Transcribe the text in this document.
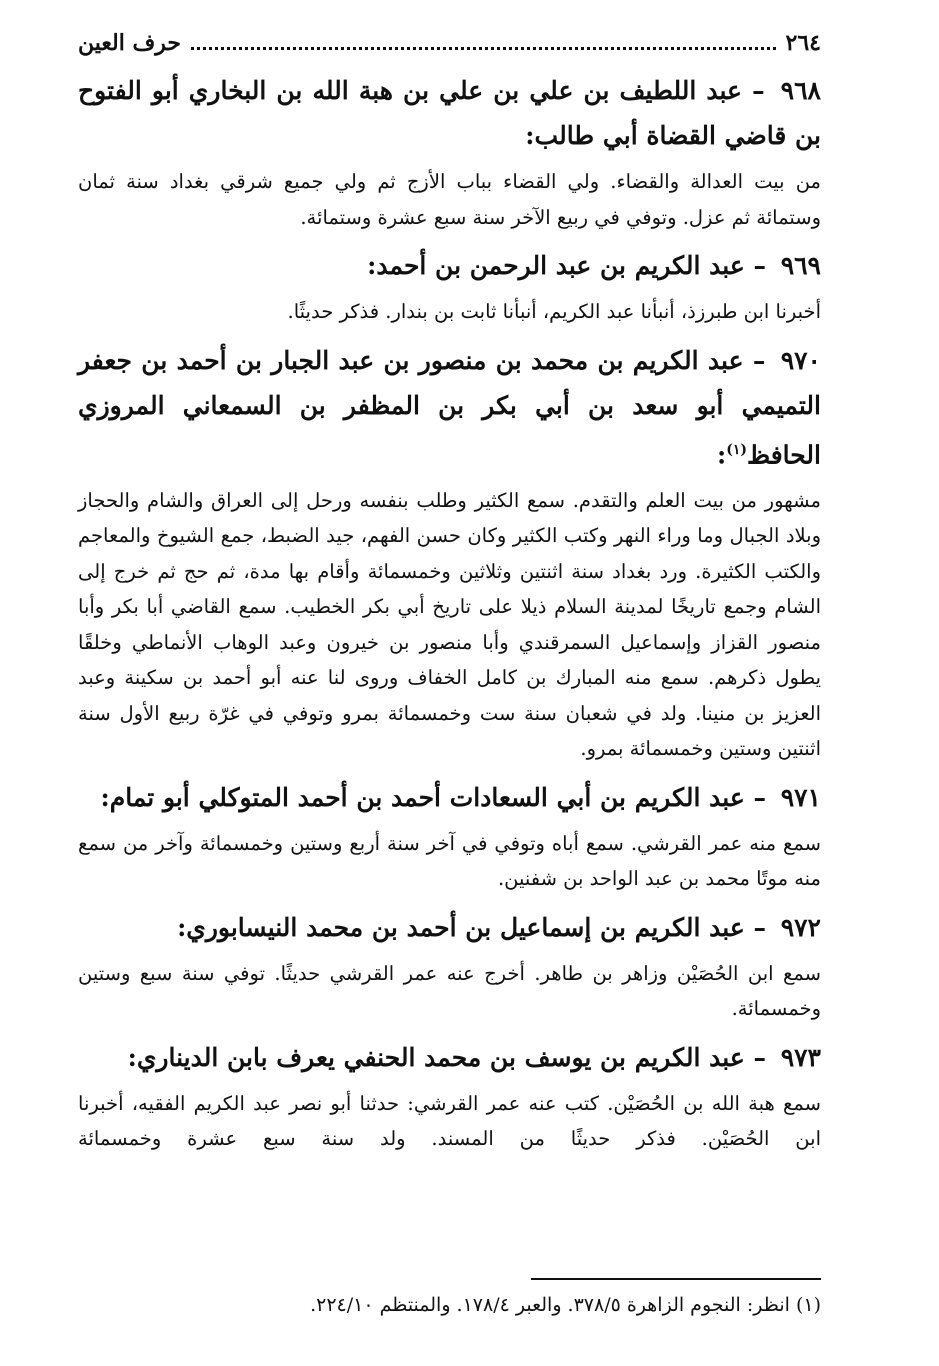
٢٦٤
حرف العين

٩٦٨ – عبد اللطيف بن علي بن علي بن هبة الله بن البخاري أبو الفتوح بن قاضي القضاة أبي طالب:

من بيت العدالة والقضاء. ولي القضاء بباب الأزج ثم ولي جميع شرقي بغداد سنة ثمان وستمائة ثم عزل. وتوفي في ربيع الآخر سنة سبع عشرة وستمائة.

٩٦٩ – عبد الكريم بن عبد الرحمن بن أحمد:

أخبرنا ابن طبرزذ، أنبأنا عبد الكريم، أنبأنا ثابت بن بندار. فذكر حديثًا.

٩٧٠ – عبد الكريم بن محمد بن منصور بن عبد الجبار بن أحمد بن جعفر التميمي أبو سعد بن أبي بكر بن المظفر بن السمعاني المروزي الحافظ$^{(١)}$:

مشهور من بيت العلم والتقدم. سمع الكثير وطلب بنفسه ورحل إلى العراق والشام والحجاز وبلاد الجبال وما وراء النهر وكتب الكثير وكان حسن الفهم، جيد الضبط، جمع الشيوخ والمعاجم والكتب الكثيرة. ورد بغداد سنة اثنتين وثلاثين وخمسمائة وأقام بها مدة، ثم حج ثم خرج إلى الشام وجمع تاريخًا لمدينة السلام ذيلا على تاريخ أبي بكر الخطيب. سمع القاضي أبا بكر وأبا منصور القزاز وإسماعيل السمرقندي وأبا منصور بن خيرون وعبد الوهاب الأنماطي وخلقًا يطول ذكرهم. سمع منه المبارك بن كامل الخفاف وروى لنا عنه أبو أحمد بن سكينة وعبد العزيز بن منينا. ولد في شعبان سنة ست وخمسمائة بمرو وتوفي في غرّة ربيع الأول سنة اثنتين وستين وخمسمائة بمرو.

٩٧١ – عبد الكريم بن أبي السعادات أحمد بن أحمد المتوكلي أبو تمام:

سمع منه عمر القرشي. سمع أباه وتوفي في آخر سنة أربع وستين وخمسمائة وآخر من سمع منه موتًا محمد بن عبد الواحد بن شفنين.

٩٧٢ – عبد الكريم بن إسماعيل بن أحمد بن محمد النيسابوري:

سمع ابن الحُصَيْن وزاهر بن طاهر. أخرج عنه عمر القرشي حديثًا. توفي سنة سبع وستين وخمسمائة.

٩٧٣ – عبد الكريم بن يوسف بن محمد الحنفي يعرف بابن الديناري:

سمع هبة الله بن الحُصَيْن. كتب عنه عمر القرشي: حدثنا أبو نصر عبد الكريم الفقيه، أخبرنا ابن الحُصَيْن. فذكر حديثًا من المسند. ولد سنة سبع عشرة وخمسمائة

(١) انظر: النجوم الزاهرة ٣٧٨/٥. والعبر ١٧٨/٤. والمنتظم ٢٢٤/١٠.
